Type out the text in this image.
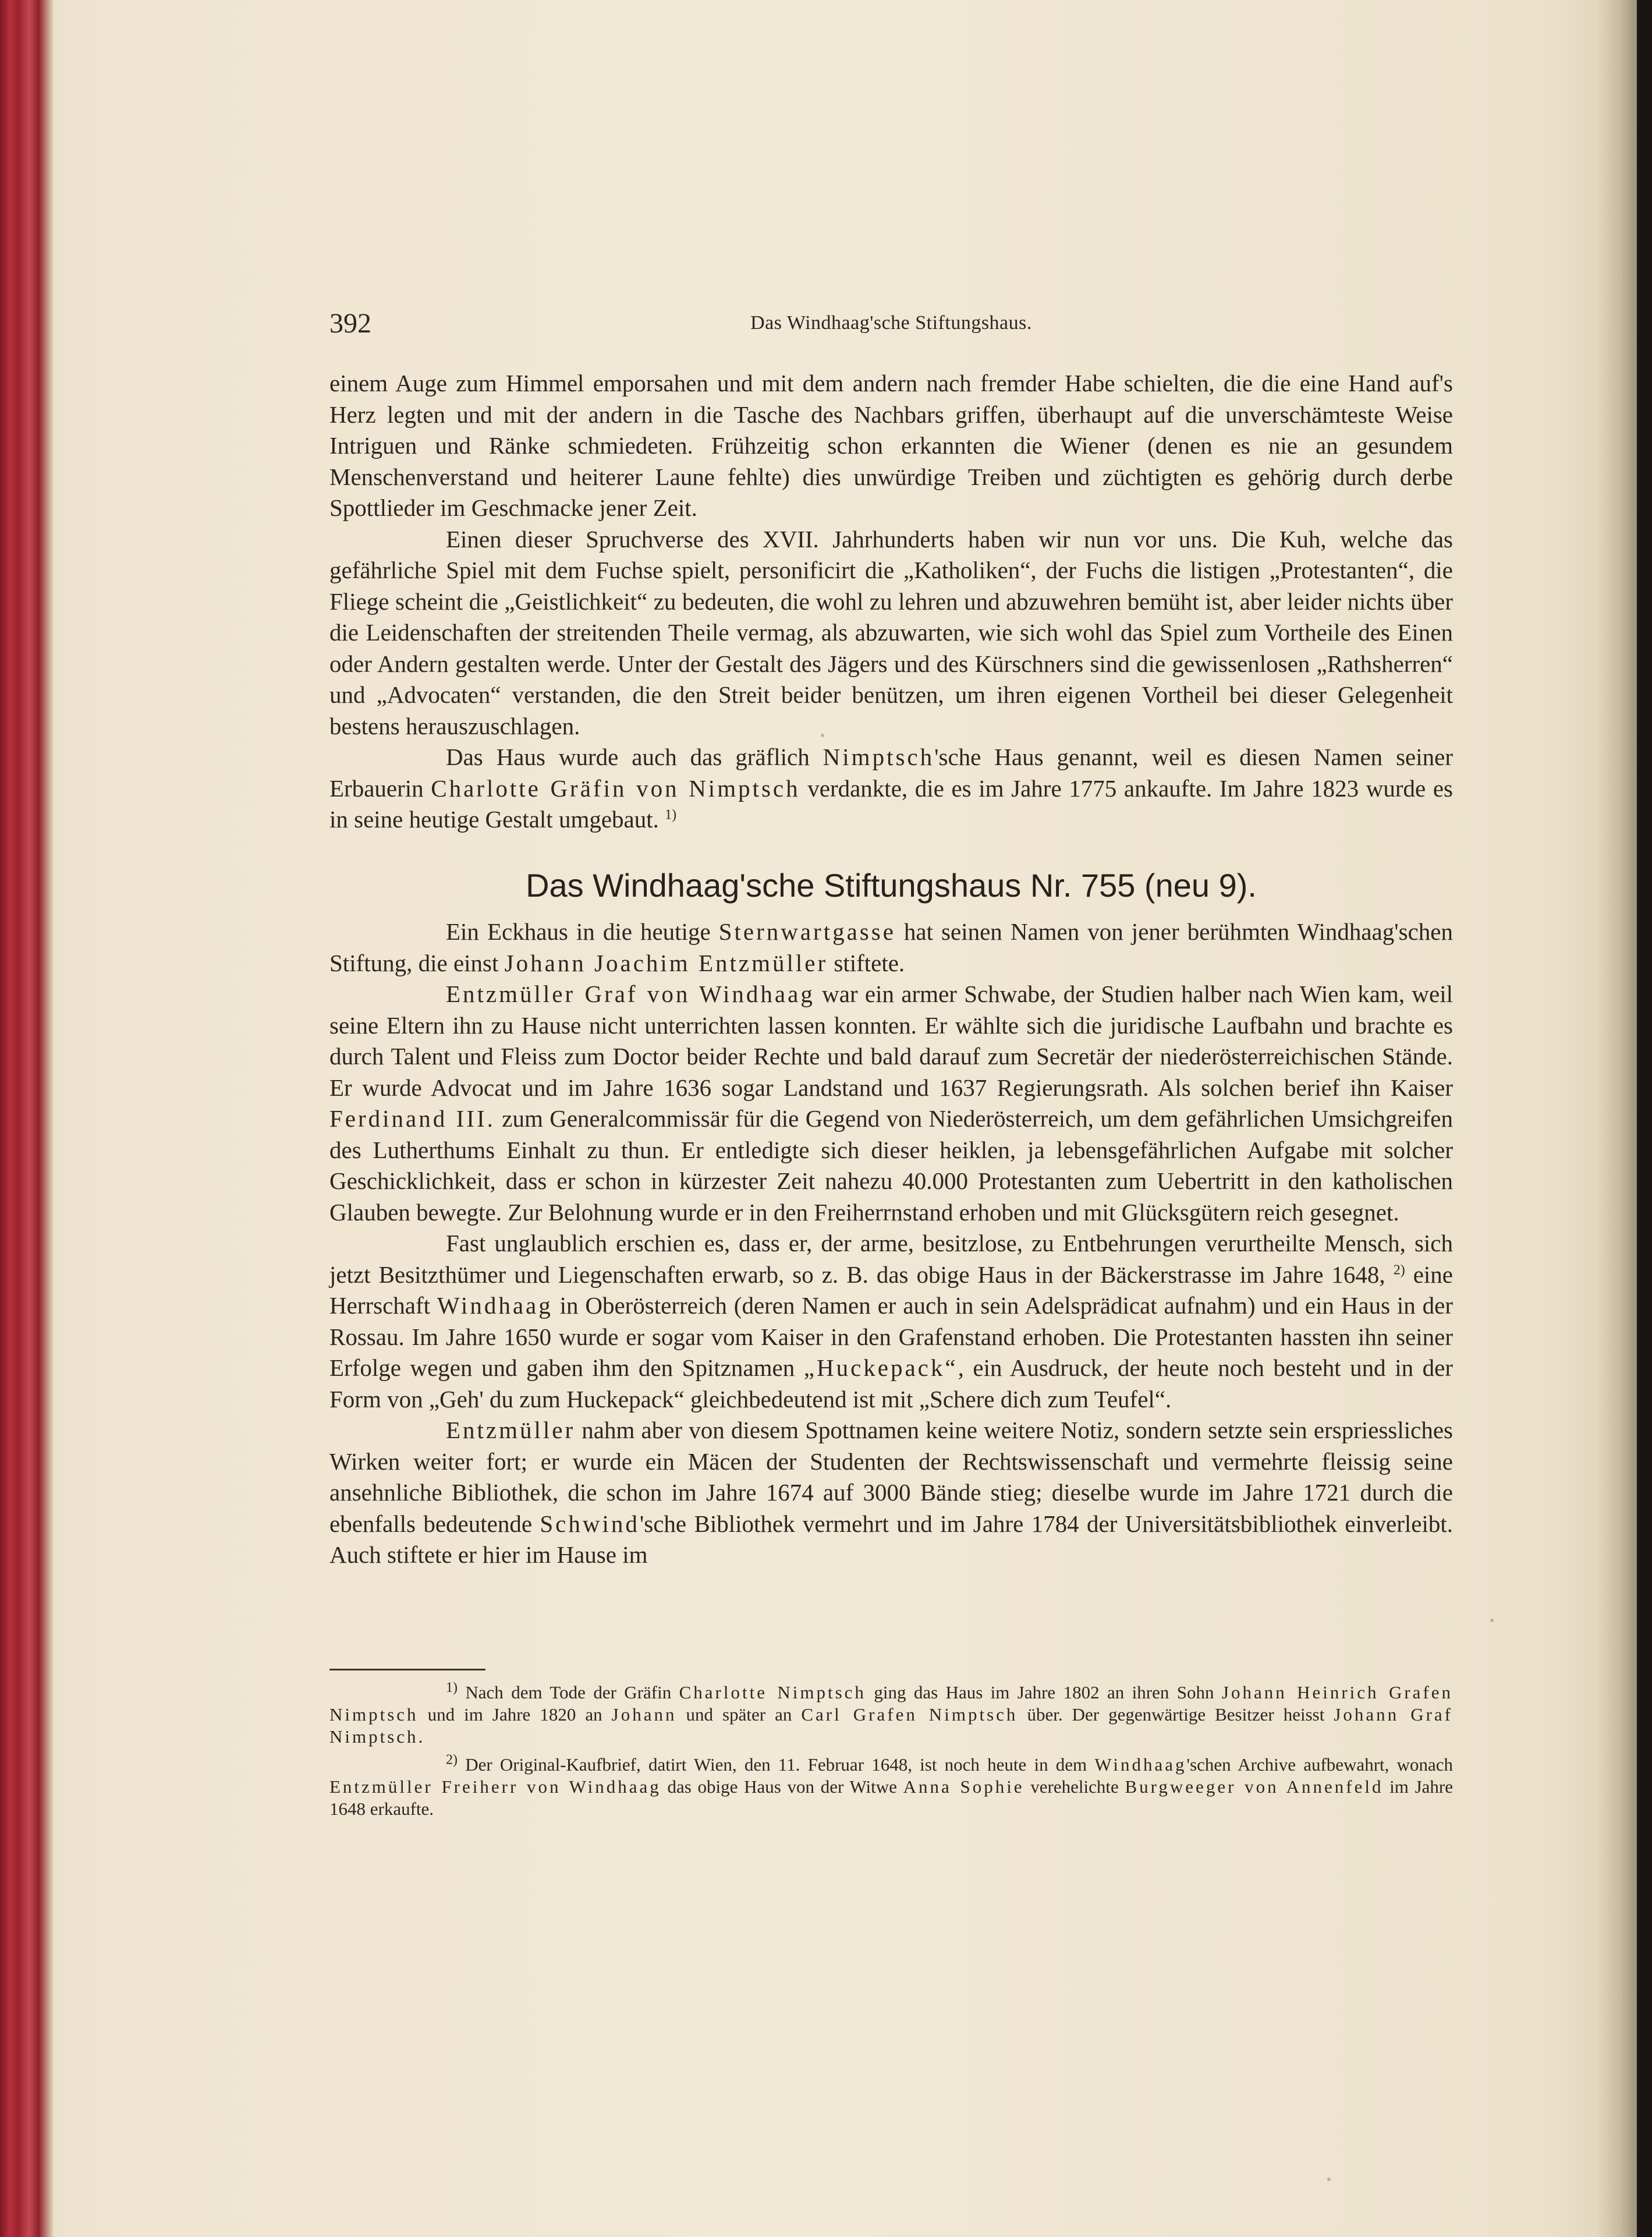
392	Das Windhaag'sche Stiftungshaus.

einem Auge zum Himmel emporsahen und mit dem andern nach fremder Habe schielten, die die eine Hand auf's Herz legten und mit der andern in die Tasche des Nachbars griffen, überhaupt auf die unverschämteste Weise Intriguen und Ränke schmiedeten. Frühzeitig schon erkannten die Wiener (denen es nie an gesundem Menschenverstand und heiterer Laune fehlte) dies unwürdige Treiben und züchtigten es gehörig durch derbe Spottlieder im Geschmacke jener Zeit.

Einen dieser Spruchverse des XVII. Jahrhunderts haben wir nun vor uns. Die Kuh, welche das gefährliche Spiel mit dem Fuchse spielt, personificirt die „Katholiken“, der Fuchs die listigen „Protestanten“, die Fliege scheint die „Geistlichkeit“ zu bedeuten, die wohl zu lehren und abzuwehren bemüht ist, aber leider nichts über die Leidenschaften der streitenden Theile vermag, als abzuwarten, wie sich wohl das Spiel zum Vortheile des Einen oder Andern gestalten werde. Unter der Gestalt des Jägers und des Kürschners sind die gewissenlosen „Rathsherren“ und „Advocaten“ verstanden, die den Streit beider benützen, um ihren eigenen Vortheil bei dieser Gelegenheit bestens herauszuschlagen.

Das Haus wurde auch das gräflich Nimptsch'sche Haus genannt, weil es diesen Namen seiner Erbauerin Charlotte Gräfin von Nimptsch verdankte, die es im Jahre 1775 ankaufte. Im Jahre 1823 wurde es in seine heutige Gestalt umgebaut. $^{1)}$

Das Windhaag'sche Stiftungshaus Nr. 755 (neu 9).

Ein Eckhaus in die heutige Sternwartgasse hat seinen Namen von jener berühmten Windhaag'schen Stiftung, die einst Johann Joachim Entzmüller stiftete.

Entzmüller Graf von Windhaag war ein armer Schwabe, der Studien halber nach Wien kam, weil seine Eltern ihn zu Hause nicht unterrichten lassen konnten. Er wählte sich die juridische Laufbahn und brachte es durch Talent und Fleiss zum Doctor beider Rechte und bald darauf zum Secretär der niederösterreichischen Stände. Er wurde Advocat und im Jahre 1636 sogar Landstand und 1637 Regierungsrath. Als solchen berief ihn Kaiser Ferdinand III. zum Generalcommissär für die Gegend von Niederösterreich, um dem gefährlichen Umsichgreifen des Lutherthums Einhalt zu thun. Er entledigte sich dieser heiklen, ja lebensgefährlichen Aufgabe mit solcher Geschicklichkeit, dass er schon in kürzester Zeit nahezu 40.000 Protestanten zum Uebertritt in den katholischen Glauben bewegte. Zur Belohnung wurde er in den Freiherrnstand erhoben und mit Glücksgütern reich gesegnet.

Fast unglaublich erschien es, dass er, der arme, besitzlose, zu Entbehrungen verurtheilte Mensch, sich jetzt Besitzthümer und Liegenschaften erwarb, so z. B. das obige Haus in der Bäckerstrasse im Jahre 1648, $^{2)}$ eine Herrschaft Windhaag in Oberösterreich (deren Namen er auch in sein Adelsprädicat aufnahm) und ein Haus in der Rossau. Im Jahre 1650 wurde er sogar vom Kaiser in den Grafenstand erhoben. Die Protestanten hassten ihn seiner Erfolge wegen und gaben ihm den Spitznamen „Huckepack“, ein Ausdruck, der heute noch besteht und in der Form von „Geh' du zum Huckepack“ gleichbedeutend ist mit „Schere dich zum Teufel“.

Entzmüller nahm aber von diesem Spottnamen keine weitere Notiz, sondern setzte sein erspriessliches Wirken weiter fort; er wurde ein Mäcen der Studenten der Rechtswissenschaft und vermehrte fleissig seine ansehnliche Bibliothek, die schon im Jahre 1674 auf 3000 Bände stieg; dieselbe wurde im Jahre 1721 durch die ebenfalls bedeutende Schwind'sche Bibliothek vermehrt und im Jahre 1784 der Universitätsbibliothek einverleibt. Auch stiftete er hier im Hause im

$^{1)}$ Nach dem Tode der Gräfin Charlotte Nimptsch ging das Haus im Jahre 1802 an ihren Sohn Johann Heinrich Grafen Nimptsch und im Jahre 1820 an Johann und später an Carl Grafen Nimptsch über. Der gegenwärtige Besitzer heisst Johann Graf Nimptsch.

$^{2)}$ Der Original-Kaufbrief, datirt Wien, den 11. Februar 1648, ist noch heute in dem Windhaag'schen Archive aufbewahrt, wonach Entzmüller Freiherr von Windhaag das obige Haus von der Witwe Anna Sophie verehelichte Burgweeger von Annenfeld im Jahre 1648 erkaufte.
